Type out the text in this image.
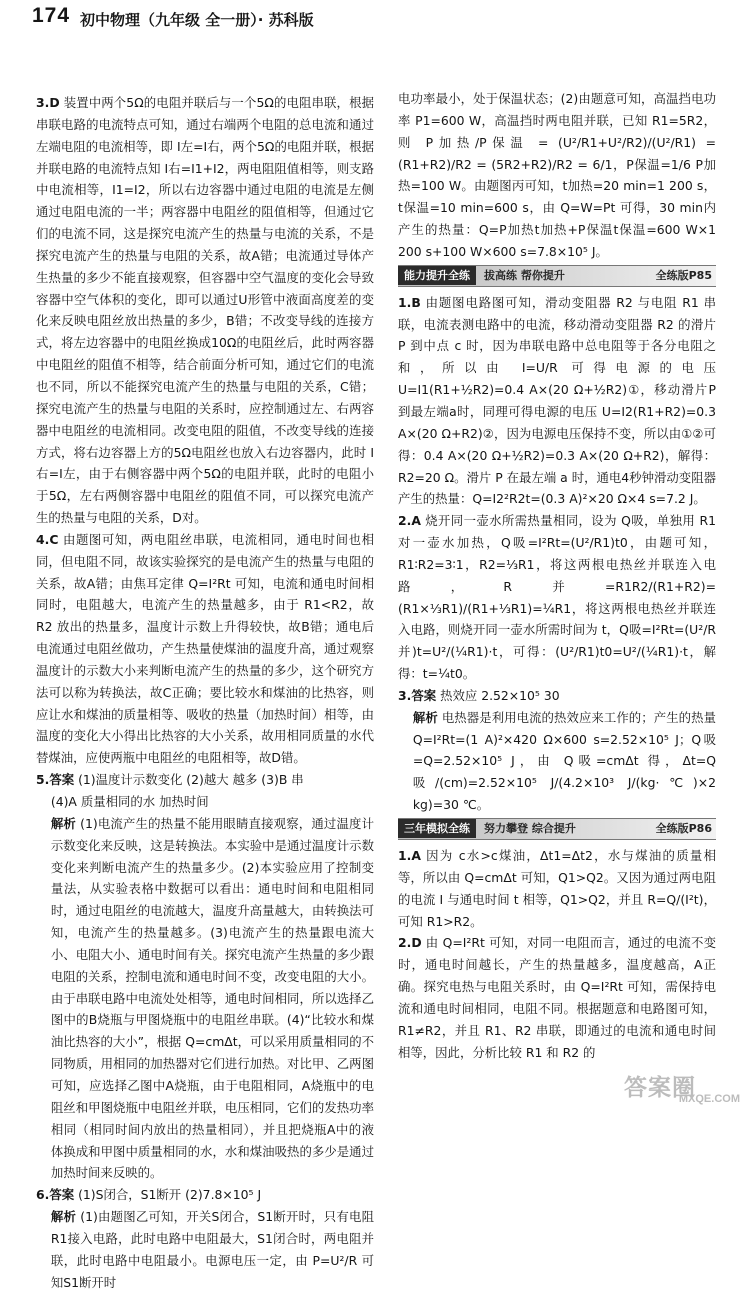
174 初中物理（九年级 全一册）· 苏科版

3.D 装置中两个5Ω的电阻并联后与一个5Ω的电阻串联，根据串联电路的电流特点可知，通过右端两个电阻的总电流和通过左端电阻的电流相等，即 I左=I右，两个5Ω的电阻并联，根据并联电路的电流特点知 I右=I1+I2，两电阻阻值相等，则支路中电流相等，I1=I2，所以右边容器中通过电阻的电流是左侧通过电阻电流的一半；两容器中电阻丝的阻值相等，但通过它们的电流不同，这是探究电流产生的热量与电流的关系，不是探究电流产生的热量与电阻的关系，故A错；电流通过导体产生热量的多少不能直接观察，但容器中空气温度的变化会导致容器中空气体积的变化，即可以通过U形管中液面高度差的变化来反映电阻丝放出热量的多少，B错；不改变导线的连接方式，将左边容器中的电阻丝换成10Ω的电阻丝后，此时两容器中电阻丝的阻值不相等，结合前面分析可知，通过它们的电流也不同，所以不能探究电流产生的热量与电阻的关系，C错；探究电流产生的热量与电阻的关系时，应控制通过左、右两容器中电阻丝的电流相同。改变电阻的阻值，不改变导线的连接方式，将右边容器上方的5Ω电阻丝也放入右边容器内，此时 I右=I左，由于右侧容器中两个5Ω的电阻并联，此时的电阻小于5Ω，左右两侧容器中电阻丝的阻值不同，可以探究电流产生的热量与电阻的关系，D对。

4.C 由题图可知，两电阻丝串联，电流相同，通电时间也相同，但电阻不同，故该实验探究的是电流产生的热量与电阻的关系，故A错；由焦耳定律 Q=I²Rt 可知，电流和通电时间相同时，电阻越大，电流产生的热量越多，由于 R1<R2，故 R2 放出的热量多，温度计示数上升得较快，故B错；通电后电流通过电阻丝做功，产生热量使煤油的温度升高，通过观察温度计的示数大小来判断电流产生的热量的多少，这个研究方法可以称为转换法，故C正确；要比较水和煤油的比热容，则应让水和煤油的质量相等、吸收的热量（加热时间）相等，由温度的变化大小得出比热容的大小关系，故用相同质量的水代替煤油，应使两瓶中电阻丝的电阻相等，故D错。

5.答案 (1)温度计示数变化 (2)越大 越多 (3)B 串

(4)A 质量相同的水 加热时间

解析 (1)电流产生的热量不能用眼睛直接观察，通过温度计示数变化来反映，这是转换法。本实验中是通过温度计示数变化来判断电流产生的热量多少。(2)本实验应用了控制变量法，从实验表格中数据可以看出：通电时间和电阻相同时，通过电阻丝的电流越大，温度升高量越大，由转换法可知，电流产生的热量越多。(3)电流产生的热量跟电流大小、电阻大小、通电时间有关。探究电流产生热量的多少跟电阻的关系，控制电流和通电时间不变，改变电阻的大小。由于串联电路中电流处处相等，通电时间相同，所以选择乙图中的B烧瓶与甲图烧瓶中的电阻丝串联。(4)“比较水和煤油比热容的大小”，根据 Q=cmΔt，可以采用质量相同的不同物质，用相同的加热器对它们进行加热。对比甲、乙两图可知，应选择乙图中A烧瓶，由于电阻相同，A烧瓶中的电阻丝和甲图烧瓶中电阻丝并联，电压相同，它们的发热功率相同（相同时间内放出的热量相同），并且把烧瓶A中的液体换成和甲图中质量相同的水，水和煤油吸热的多少是通过加热时间来反映的。

6.答案 (1)S闭合，S1断开 (2)7.8×10⁵ J

解析 (1)由题图乙可知，开关S闭合，S1断开时，只有电阻R1接入电路，此时电路中电阻最大，S1闭合时，两电阻并联，此时电路中电阻最小。电源电压一定，由 P=U²/R 可知S1断开时

电功率最小，处于保温状态；(2)由题意可知，高温挡电功率 P1=600 W，高温挡时两电阻并联，已知 R1=5R2，则 P加热/P保温 = (U²/R1+U²/R2)/(U²/R1) = (R1+R2)/R2 = (5R2+R2)/R2 = 6/1，P保温=1/6 P加热=100 W。由题图丙可知，t加热=20 min=1 200 s，t保温=10 min=600 s，由 Q=W=Pt 可得，30 min内产生的热量：Q=P加热t加热+P保温t保温=600 W×1 200 s+100 W×600 s=7.8×10⁵ J。

能力提升全练	拔高练 帮你提升	全练版P85

1.B 由题图电路图可知，滑动变阻器 R2 与电阻 R1 串联，电流表测电路中的电流，移动滑动变阻器 R2 的滑片 P 到中点 c 时，因为串联电路中总电阻等于各分电阻之和，所以由 I=U/R 可得电源的电压 U=I1(R1+½R2)=0.4 A×(20 Ω+½R2)①，移动滑片P到最左端a时，同理可得电源的电压 U=I2(R1+R2)=0.3 A×(20 Ω+R2)②，因为电源电压保持不变，所以由①②可得：0.4 A×(20 Ω+½R2)=0.3 A×(20 Ω+R2)，解得：R2=20 Ω。滑片 P 在最左端 a 时，通电4秒钟滑动变阻器产生的热量：Q=I2²R2t=(0.3 A)²×20 Ω×4 s=7.2 J。

2.A 烧开同一壶水所需热量相同，设为 Q吸，单独用 R1 对一壶水加热，Q吸=I²Rt=(U²/R1)t0，由题可知，R1∶R2=3∶1，R2=⅓R1，将这两根电热丝并联连入电路，R并=R1R2/(R1+R2)=(R1×⅓R1)/(R1+⅓R1)=¼R1，将这两根电热丝并联连入电路，则烧开同一壶水所需时间为 t，Q吸=I²Rt=(U²/R并)t=U²/(¼R1)·t，可得：(U²/R1)t0=U²/(¼R1)·t，解得：t=¼t0。

3.答案 热效应 2.52×10⁵ 30

解析 电热器是利用电流的热效应来工作的；产生的热量 Q=I²Rt=(1 A)²×420 Ω×600 s=2.52×10⁵ J；Q吸=Q=2.52×10⁵ J，由 Q吸=cmΔt 得，Δt=Q吸/(cm)=2.52×10⁵ J/(4.2×10³ J/(kg·℃)×2 kg)=30 ℃。

三年模拟全练	努力攀登 综合提升	全练版P86

1.A 因为 c水>c煤油，Δt1=Δt2，水与煤油的质量相等，所以由 Q=cmΔt 可知，Q1>Q2。又因为通过两电阻的电流 I 与通电时间 t 相等，Q1>Q2，并且 R=Q/(I²t)，可知 R1>R2。

2.D 由 Q=I²Rt 可知，对同一电阻而言，通过的电流不变时，通电时间越长，产生的热量越多，温度越高，A正确。探究电热与电阻关系时，由 Q=I²Rt 可知，需保持电流和通电时间相同，电阻不同。根据题意和电路图可知，R1≠R2，并且 R1、R2 串联，即通过的电流和通电时间相等，因此，分析比较 R1 和 R2 的

答案圈
MXQE.COM
